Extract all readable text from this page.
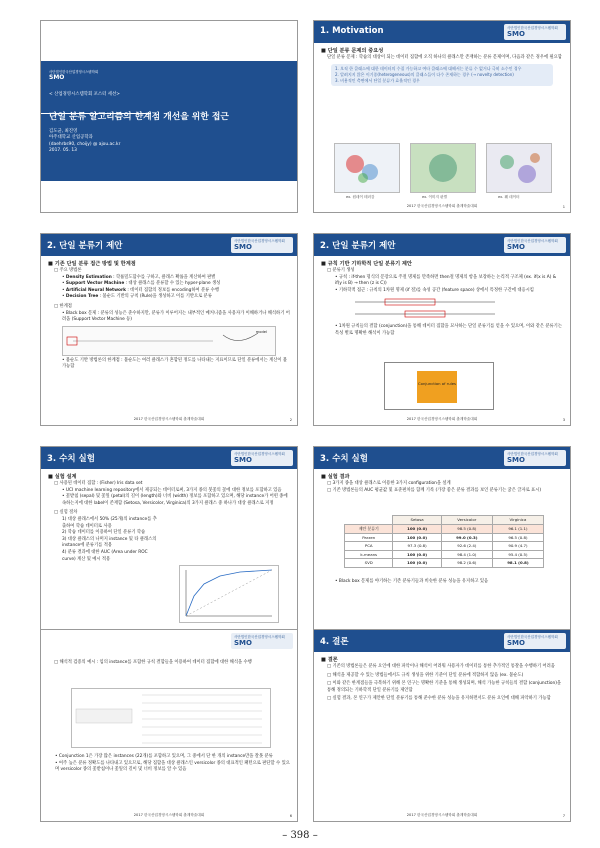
사단법인한국산업경영시스템학회
SMO
< 산업경영시스템학회 포스터 세션>
단일 분류 알고리즘의 한계점 개선을 위한 접근
김도균, 최진영
아주대학교 산업공학과
(daehrbs90, choijy) @ ajou.ac.kr
2017. 05. 13
1. Motivation	사단법인한국산업경영시스템학회
SMO
■ 단일 분류 문제의 중요성
단일 분류 문제 : 학습의 대상이 되는 데이터 집합에 오직 하나의 클래스만 존재하는 분류 문제이며, 다음과 같은 경우에 필요함
1. 오직 한 클래스에 대한 데이터의 수집 가능하고 여타 클래스에 대해서는 분류 수 없거나 극히 소수인 경우
2. 알려지지 않은 이기종(heterogeneous)의 클래스들이 다수 존재하는 경우 (→ novelty detection)
3. 비용적인 측면에서 단일 분류가 효율적인 경우
ex. 원데이 테러감	ex. 이미지 판별	ex. 웨 데이터
2017 한국산업경영시스템학회 춘계학술대회	1
2. 단일 분류기 제안	사단법인한국산업경영시스템학회
SMO
■ 기존 단일 분류 접근 방법 및 한계점
□ 주요 방법론
• Density Estimation : 학률밀도함수를 구하고, 클래스 확률을 계산하여 판별
• Support Vector Machine : 대상 클래스를 분류할 수 있는 hyper-plane 생성
• Artificial Neural Network : 데이터 집합의 정보를 encoding하여 분류 수행
• Decision Tree : 불순도 기반의 규칙 (Rule)을 생성하고 이를 기반으로 분류
□ 한계점
• Black box 문제 : 분류의 성능은 준수하지만, 분류가 이루어지는 내부적인 메커니즘을 사용자가 이해하거나 해석하기 어려움 (Support Vector Machine 등)
model
• 불순도 기반 방법론의 한계점 : 불순도는 여러 클래스가 혼합된 정도를 나타내는 지표이므로 단일 분류에서는 계산이 불가능함
2017 한국산업경영시스템학회 춘계학술대회	2
2. 단일 분류기 제안	사단법인한국산업경영시스템학회
SMO
■ 규칙 기반 기하학적 단일 분류기 제안
□ 분류기 생성
• 규칙 : if-then 형식의 문장으로 주절 명제를 만족하면 then절 명제의 항을 보장하는 논리적 구조체 (ex. if(x is A) & if(y is B) → then (z is C))
• 기하학적 접근 : 규칙의 1차원 명제 (if 절)를 속성 공간 (feature space) 상에서 특정한 구간에 대응시킴
• 1차원 규칙들의 결합 (conjunction)을 통해 데이터 집합을 묘사하는 단일 분류기를 얻을 수 있으며, 이와 같은 분류기는 특성 별로 명확한 해석이 가능함
Conjunction of rules
2017 한국산업경영시스템학회 춘계학술대회	3
3. 수치 실험	사단법인한국산업경영시스템학회
SMO
■ 실험 설계
□ 사용된 데이터 집합 : (Fisher) Iris data set
• UCI machine learning repository에서 제공되는 데이터로써, 3가지 종의 붓꽃의 꽃에 대한 정보를 포함하고 있음
• 꽃받침 (sepal) 및 꽃잎 (petal)의 길이 (length)와 너비 (width) 정보를 포함하고 있으며, 해당 instance가 어떤 종에 속하는지에 대한 label이 존재함 (Setosa, Versicolor, Virginica)의 3가지 클래스 중 하나가 대상 클래스로 지정
□ 실험 절차
1) 대상 클래스에서 50% (25개)의 instance를 추출하여 학습 데이터로 사용
2) 학습 데이터를 이용하여 단일 분류기 학습
3) 대상 클래스의 나머지 instance 및 타 클래스의 instance에 분류기를 적용
4) 분류 결과에 대한 AUC (Area under ROC curve) 계산 및 예시 적용
3. 수치 실험	사단법인한국산업경영시스템학회
SMO
■ 실험 결과
□ 3가지 종을 대상 클래스로 이용한 3가지 configuration을 설계
□ 기존 방법론들의 AUC 평균값 및 표준편차를 함께 기록 (가장 좋은 분류 결과를 보인 분류기는 굵은 글자로 표시)
	Setosa	Versicolor	Virginica
제안 분류기	100 (0.0)	98.5 (0.8)	96.1 (1.1)
Parzen	100 (0.0)	99.0 (0.3)	96.5 (0.8)
PCA	97.3 (0.8)	92.6 (2.4)	90.9 (4.7)
k-means	100 (0.0)	98.4 (1.0)	95.4 (0.5)
SVD	100 (0.0)	98.2 (0.6)	98.1 (0.8)
• Black box 문제를 야기하는 기존 분류기들과 비슷한 분류 성능을 유지하고 있음
사단법인한국산업경영시스템학회
SMO
□ 해석적 검증의 예시 : 임의 instance를 포함한 규칙 결합들을 이용하여 데이터 집합에 대한 해석을 수행
• Conjunction 1은 가장 많은 instances (22개)를 포함하고 있으며, 그 중에서 단 한 개의 instance만을 잘못 분류
• 여주 높은 분류 정확도를 나타내고 있으므로, 해당 집합을 대상 클래스인 versicolor 종의 대표적인 패턴으로 판단할 수 있으며 versicolor 종의 꽃받침이나 꽃잎의 길이 및 너비 정보를 알 수 있음
2017 한국산업경영시스템학회 춘계학술대회	6
4. 결론	사단법인한국산업경영시스템학회
SMO
■ 결론
□ 기존의 방법론들은 분류 요인에 대한 파악이나 해석이 어려워 사용자가 데이터를 통한 추가적인 통찰을 수행하기 어려움
□ 해석을 제공할 수 있는 방법들에서도 규칙 생성을 위한 기준이 단일 분류에 적합하지 않음 (ex. 불순도)
□ 이와 같은 한계점들을 극복하기 위해 본 연구는 명확한 기준을 통해 생성되며, 해석 가능한 규칙들의 결합 (conjunction)을 통해 정의되는 기하학적 단일 분류기를 제안함
□ 실험 결과, 본 연구가 제안한 단일 분류기를 통해 준수한 분류 성능을 유지하면서도 분류 요인에 대해 파악하기 가능함
2017 한국산업경영시스템학회 춘계학술대회	7
– 398 –
